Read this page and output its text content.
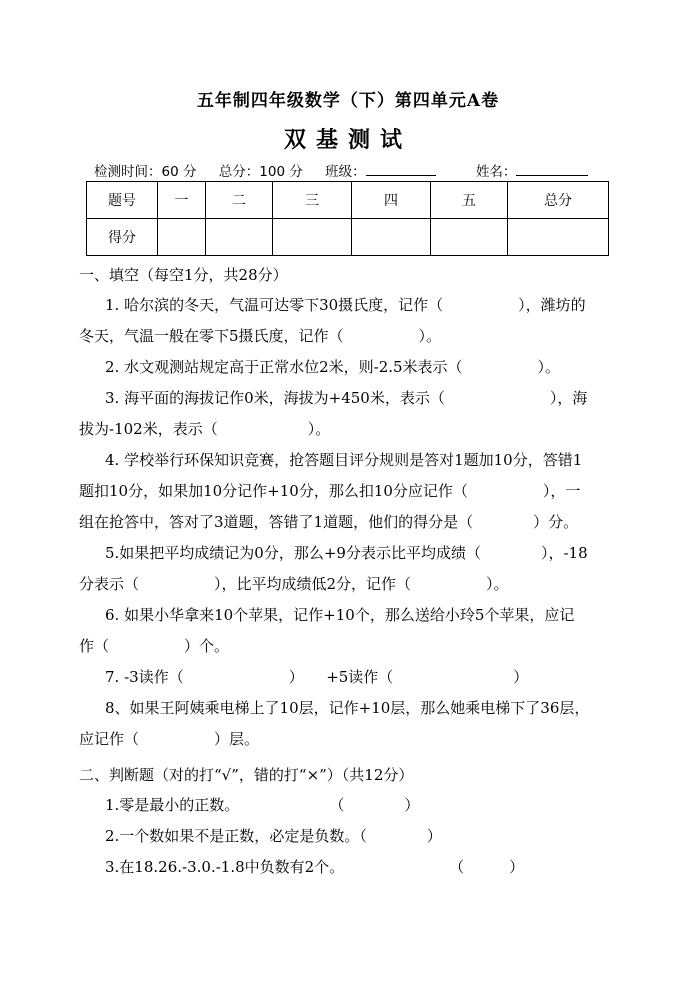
五年制四年级数学（下）第四单元A卷
双基测试
检测时间：60 分 总分：100 分 班级：	姓名：
题号	一	二	三	四	五	总分
得分						
一、填空（每空1分，共28分）
1. 哈尔滨的冬天，气温可达零下30摄氏度，记作（　　　　　），潍坊的
冬天，气温一般在零下5摄氏度，记作（　　　　　）。
2. 水文观测站规定高于正常水位2米，则-2.5米表示（　　　　　）。
3. 海平面的海拔记作0米，海拔为+450米，表示（　　　　　　　），海
拔为-102米，表示（　　　　　　）。
4. 学校举行环保知识竞赛，抢答题目评分规则是答对1题加10分，答错1
题扣10分，如果加10分记作+10分，那么扣10分应记作（　　　　　），一
组在抢答中，答对了3道题，答错了1道题，他们的得分是（　　　　）分。
5.如果把平均成绩记为0分，那么+9分表示比平均成绩（　　　　），-18
分表示（　　　　　），比平均成绩低2分，记作（　　　　　）。
6. 如果小华拿来10个苹果，记作+10个，那么送给小玲5个苹果，应记
作（　　　　　）个。
7. -3读作（　　　　　　　）　　+5读作（　　　　　　　　）
8、如果王阿姨乘电梯上了10层，记作+10层，那么她乘电梯下了36层，
应记作（　　　　　）层。
二、判断题（对的打“√”，错的打“×”）（共12分）
1.零是最小的正数。　　　　　　　（　　　　）
2.一个数如果不是正数，必定是负数。（　　　　）
3.在18.26.-3.0.-1.8中负数有2个。　　　　　　　　（　　　）
